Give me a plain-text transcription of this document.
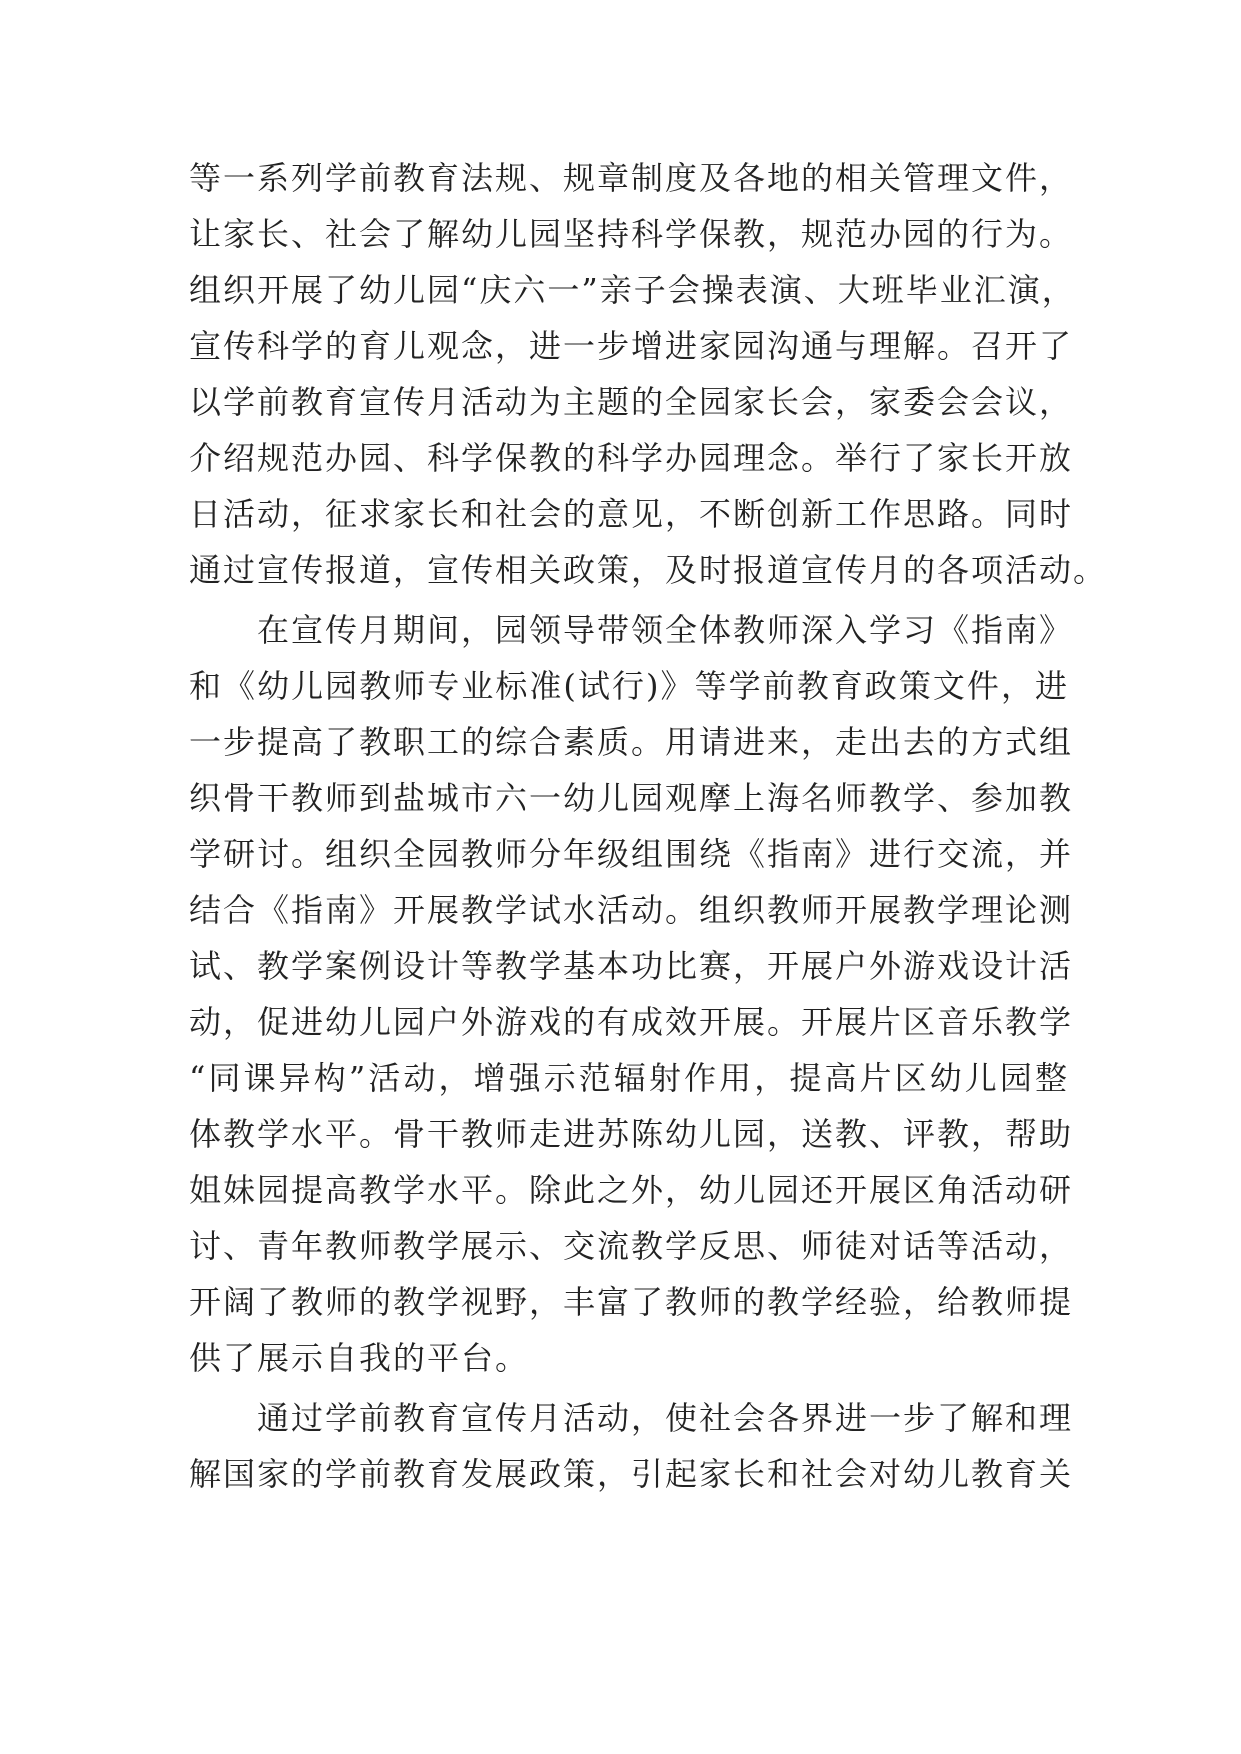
等一系列学前教育法规、规章制度及各地的相关管理文件，
让家长、社会了解幼儿园坚持科学保教，规范办园的行为。
组织开展了幼儿园“庆六一”亲子会操表演、大班毕业汇演，
宣传科学的育儿观念，进一步增进家园沟通与理解。召开了
以学前教育宣传月活动为主题的全园家长会，家委会会议，
介绍规范办园、科学保教的科学办园理念。举行了家长开放
日活动，征求家长和社会的意见，不断创新工作思路。同时
通过宣传报道，宣传相关政策，及时报道宣传月的各项活动。

　　在宣传月期间，园领导带领全体教师深入学习《指南》
和《幼儿园教师专业标准(试行)》等学前教育政策文件，进
一步提高了教职工的综合素质。用请进来，走出去的方式组
织骨干教师到盐城市六一幼儿园观摩上海名师教学、参加教
学研讨。组织全园教师分年级组围绕《指南》进行交流，并
结合《指南》开展教学试水活动。组织教师开展教学理论测
试、教学案例设计等教学基本功比赛，开展户外游戏设计活
动，促进幼儿园户外游戏的有成效开展。开展片区音乐教学
“同课异构”活动，增强示范辐射作用，提高片区幼儿园整
体教学水平。骨干教师走进苏陈幼儿园，送教、评教，帮助
姐妹园提高教学水平。除此之外，幼儿园还开展区角活动研
讨、青年教师教学展示、交流教学反思、师徒对话等活动，
开阔了教师的教学视野，丰富了教师的教学经验，给教师提
供了展示自我的平台。

　　通过学前教育宣传月活动，使社会各界进一步了解和理
解国家的学前教育发展政策，引起家长和社会对幼儿教育关
